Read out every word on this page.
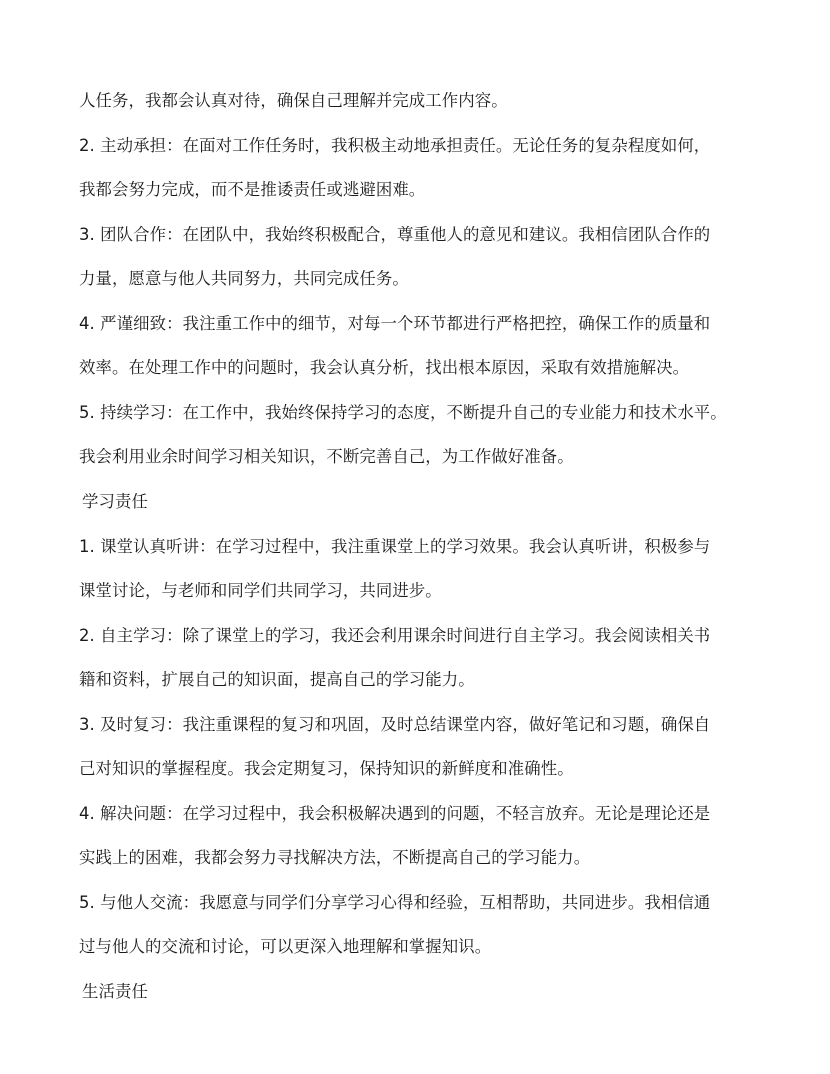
人任务，我都会认真对待，确保自己理解并完成工作内容。
2. 主动承担：在面对工作任务时，我积极主动地承担责任。无论任务的复杂程度如何，
我都会努力完成，而不是推诿责任或逃避困难。
3. 团队合作：在团队中，我始终积极配合，尊重他人的意见和建议。我相信团队合作的
力量，愿意与他人共同努力，共同完成任务。
4. 严谨细致：我注重工作中的细节，对每一个环节都进行严格把控，确保工作的质量和
效率。在处理工作中的问题时，我会认真分析，找出根本原因，采取有效措施解决。
5. 持续学习：在工作中，我始终保持学习的态度，不断提升自己的专业能力和技术水平。
我会利用业余时间学习相关知识，不断完善自己，为工作做好准备。
学习责任
1. 课堂认真听讲：在学习过程中，我注重课堂上的学习效果。我会认真听讲，积极参与
课堂讨论，与老师和同学们共同学习，共同进步。
2. 自主学习：除了课堂上的学习，我还会利用课余时间进行自主学习。我会阅读相关书
籍和资料，扩展自己的知识面，提高自己的学习能力。
3. 及时复习：我注重课程的复习和巩固，及时总结课堂内容，做好笔记和习题，确保自
己对知识的掌握程度。我会定期复习，保持知识的新鲜度和准确性。
4. 解决问题：在学习过程中，我会积极解决遇到的问题，不轻言放弃。无论是理论还是
实践上的困难，我都会努力寻找解决方法，不断提高自己的学习能力。
5. 与他人交流：我愿意与同学们分享学习心得和经验，互相帮助，共同进步。我相信通
过与他人的交流和讨论，可以更深入地理解和掌握知识。
生活责任
